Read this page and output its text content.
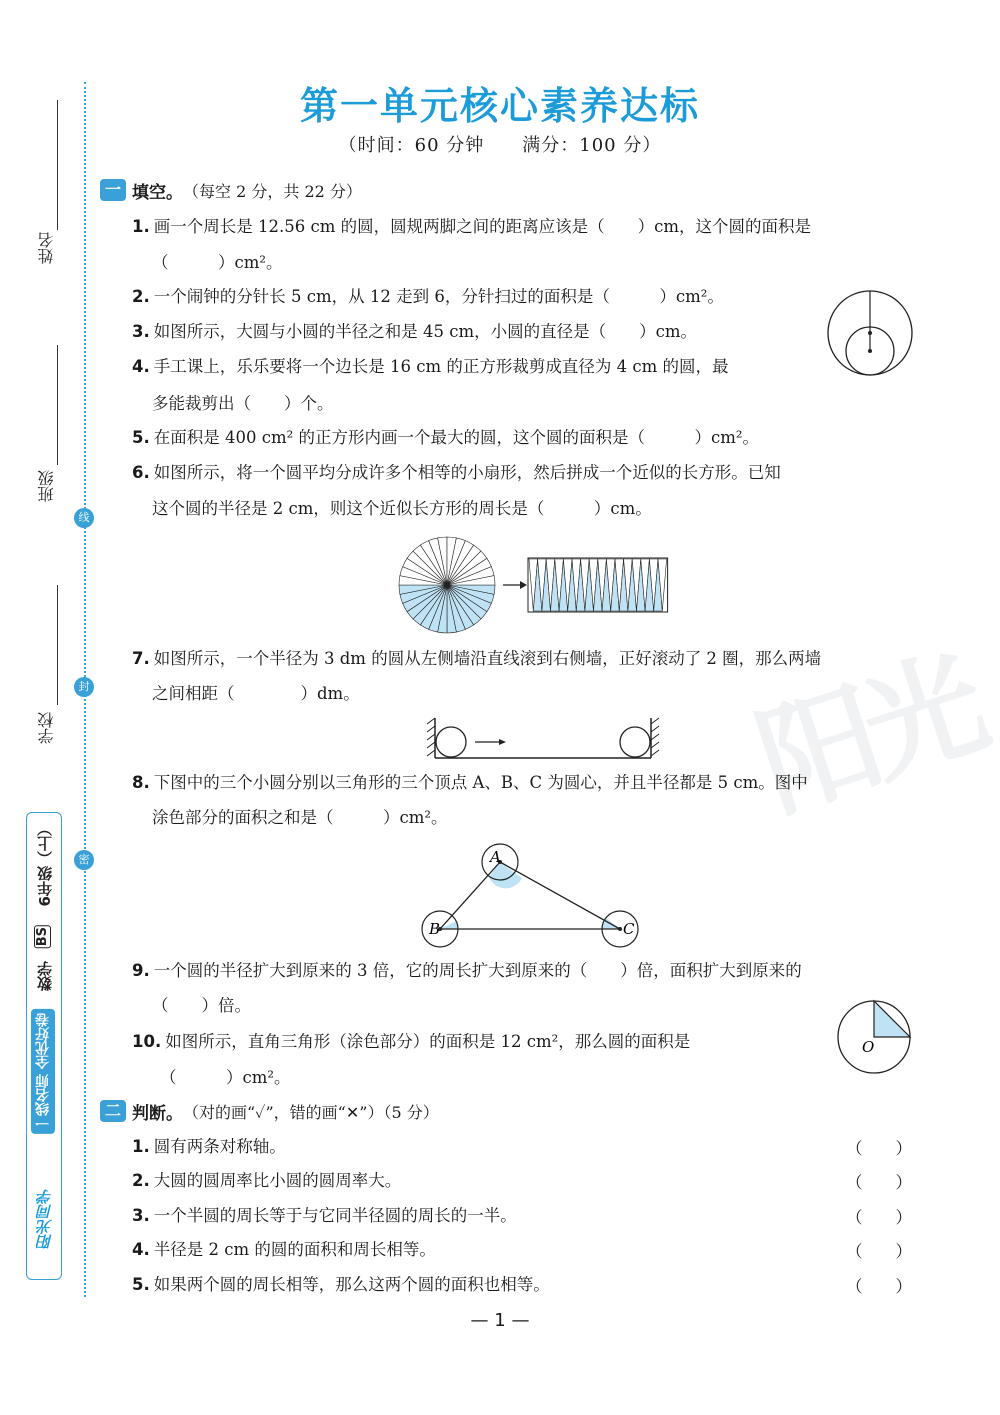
阳光
线
封
密
姓名
班级
学校
6年级（上）
BS
数学
一线名师 全优好卷
阳光同学
第一单元核心素养达标
（时间：60 分钟　　满分：100 分）
一 填空。 （每空 2 分，共 22 分）
1. 画一个周长是 12.56 cm 的圆，圆规两脚之间的距离应该是（　　）cm，这个圆的面积是
（　　　）cm²。
2. 一个闹钟的分针长 5 cm，从 12 走到 6，分针扫过的面积是（　　　）cm²。
3. 如图所示，大圆与小圆的半径之和是 45 cm，小圆的直径是（　　）cm。
4. 手工课上，乐乐要将一个边长是 16 cm 的正方形裁剪成直径为 4 cm 的圆，最
多能裁剪出（　　）个。
5. 在面积是 400 cm² 的正方形内画一个最大的圆，这个圆的面积是（　　　）cm²。
6. 如图所示，将一个圆平均分成许多个相等的小扇形，然后拼成一个近似的长方形。已知
这个圆的半径是 2 cm，则这个近似长方形的周长是（　　　）cm。
7. 如图所示，一个半径为 3 dm 的圆从左侧墙沿直线滚到右侧墙，正好滚动了 2 圈，那么两墙
之间相距（　　　　）dm。
8. 下图中的三个小圆分别以三角形的三个顶点 A、B、C 为圆心，并且半径都是 5 cm。图中
涂色部分的面积之和是（　　　）cm²。
9. 一个圆的半径扩大到原来的 3 倍，它的周长扩大到原来的（　　）倍，面积扩大到原来的
（　　）倍。
10. 如图所示，直角三角形（涂色部分）的面积是 12 cm²，那么圆的面积是
（　　　）cm²。
A
B	C
O
二 判断。 （对的画“✓”，错的画“✕”）（5 分）
1. 圆有两条对称轴。	（　　）
2. 大圆的圆周率比小圆的圆周率大。	（　　）
3. 一个半圆的周长等于与它同半径圆的周长的一半。	（　　）
4. 半径是 2 cm 的圆的面积和周长相等。	（　　）
5. 如果两个圆的周长相等，那么这两个圆的面积也相等。	（　　）
— 1 —
